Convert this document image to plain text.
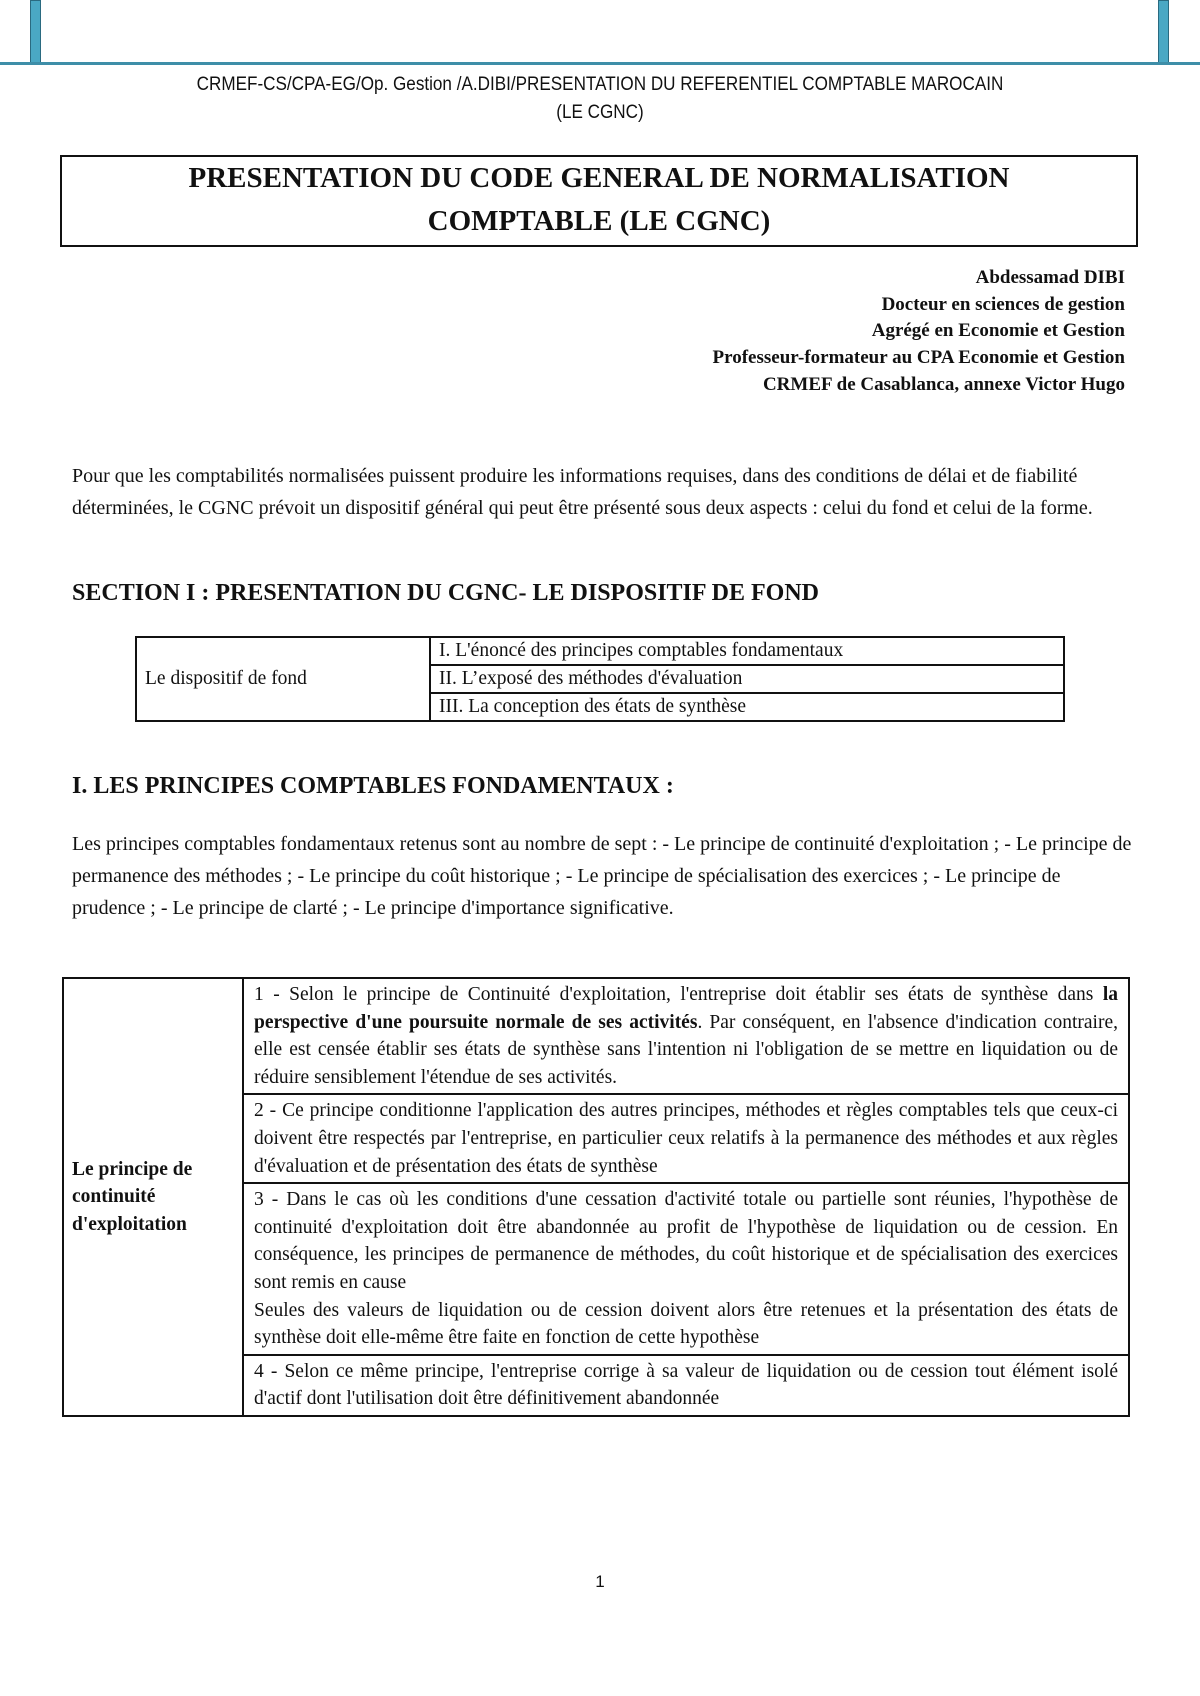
CRMEF-CS/CPA-EG/Op. Gestion /A.DIBI/PRESENTATION DU REFERENTIEL COMPTABLE MAROCAIN
(LE CGNC)
PRESENTATION DU CODE GENERAL DE NORMALISATION
COMPTABLE (LE CGNC)
Abdessamad DIBI
Docteur en sciences de gestion
Agrégé en Economie et Gestion
Professeur-formateur au CPA Economie et Gestion
CRMEF de Casablanca, annexe Victor Hugo
Pour que les comptabilités normalisées puissent produire les informations requises, dans des conditions de délai et de fiabilité déterminées, le CGNC prévoit un dispositif général qui peut être présenté sous deux aspects : celui du fond et celui de la forme.
SECTION I : PRESENTATION DU CGNC- LE DISPOSITIF DE FOND
Le dispositif de fond	I. L'énoncé des principes comptables fondamentaux
II. L’exposé des méthodes d'évaluation
III. La conception des états de synthèse
I. LES PRINCIPES COMPTABLES FONDAMENTAUX :
Les principes comptables fondamentaux retenus sont au nombre de sept : - Le principe de continuité d'exploitation ; - Le principe de permanence des méthodes ; - Le principe du coût historique ; - Le principe de spécialisation des exercices ; - Le principe de prudence ; - Le principe de clarté ; - Le principe d'importance significative.
Le principe de continuité d'exploitation	1 - Selon le principe de Continuité d'exploitation, l'entreprise doit établir ses états de synthèse dans la perspective d'une poursuite normale de ses activités. Par conséquent, en l'absence d'indication contraire, elle est censée établir ses états de synthèse sans l'intention ni l'obligation de se mettre en liquidation ou de réduire sensiblement l'étendue de ses activités.
2 - Ce principe conditionne l'application des autres principes, méthodes et règles comptables tels que ceux-ci doivent être respectés par l'entreprise, en particulier ceux relatifs à la permanence des méthodes et aux règles d'évaluation et de présentation des états de synthèse

3 - Dans le cas où les conditions d'une cessation d'activité totale ou partielle sont réunies, l'hypothèse de continuité d'exploitation doit être abandonnée au profit de l'hypothèse de liquidation ou de cession. En conséquence, les principes de permanence de méthodes, du coût historique et de spécialisation des exercices sont remis en cause
Seules des valeurs de liquidation ou de cession doivent alors être retenues et la présentation des états de synthèse doit elle-même être faite en fonction de cette hypothèse

4 - Selon ce même principe, l'entreprise corrige à sa valeur de liquidation ou de cession tout élément isolé d'actif dont l'utilisation doit être définitivement abandonnée
1
